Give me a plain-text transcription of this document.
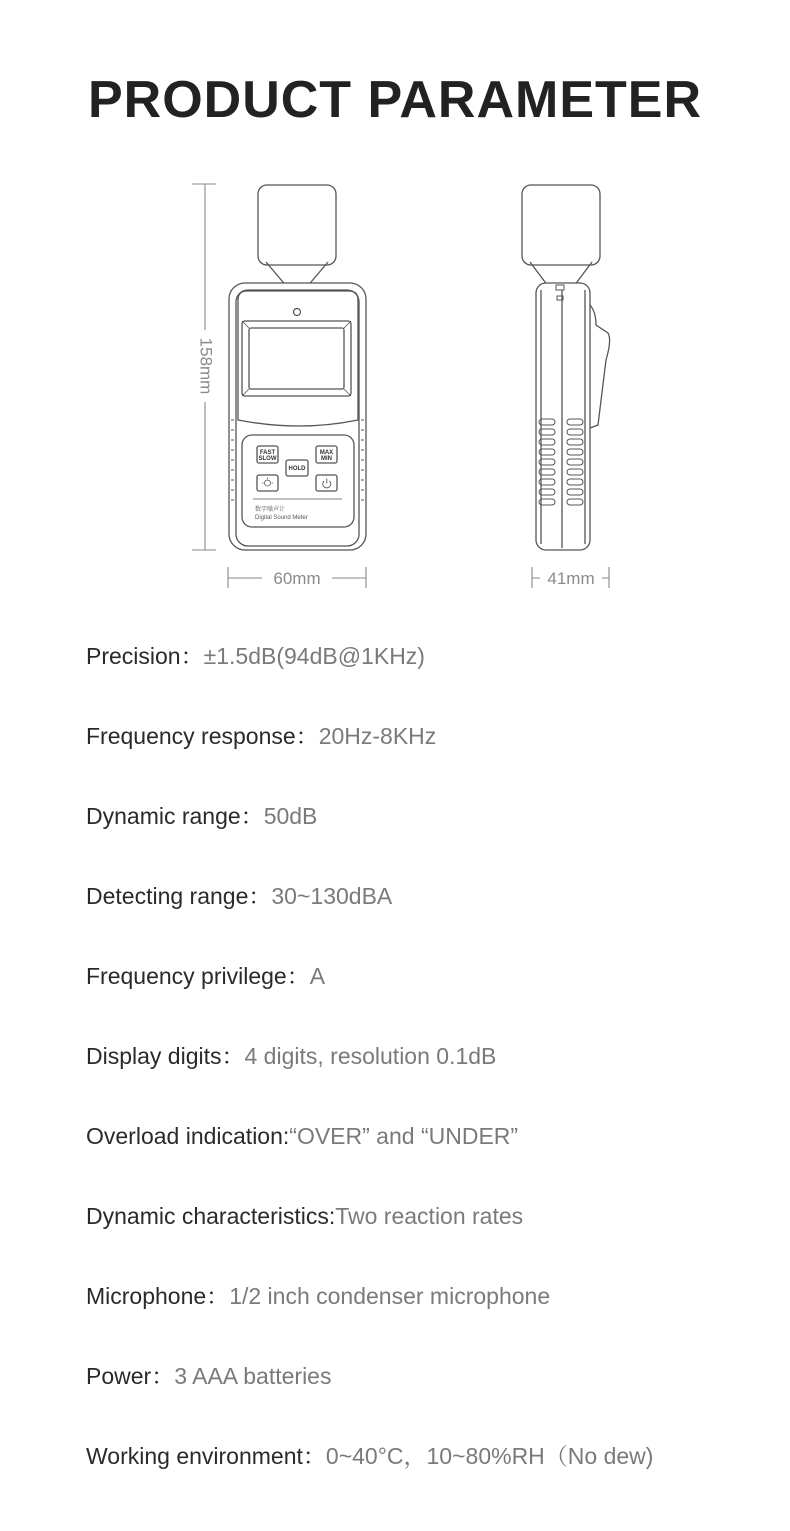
PRODUCT PARAMETER
FAST
SLOW
HOLD
MAX
MIN
数字噪声计
Digital Sound Meter
158mm
60mm	41mm
Precision：±1.5dB(94dB@1KHz)
Frequency response：20Hz-8KHz
Dynamic range：50dB
Detecting range：30~130dBA
Frequency privilege：A
Display digits：4 digits, resolution 0.1dB
Overload indication:“OVER” and “UNDER”
Dynamic characteristics:Two reaction rates
Microphone：1/2 inch condenser microphone
Power：3 AAA batteries
Working environment：0~40°C，10~80%RH（No dew)
